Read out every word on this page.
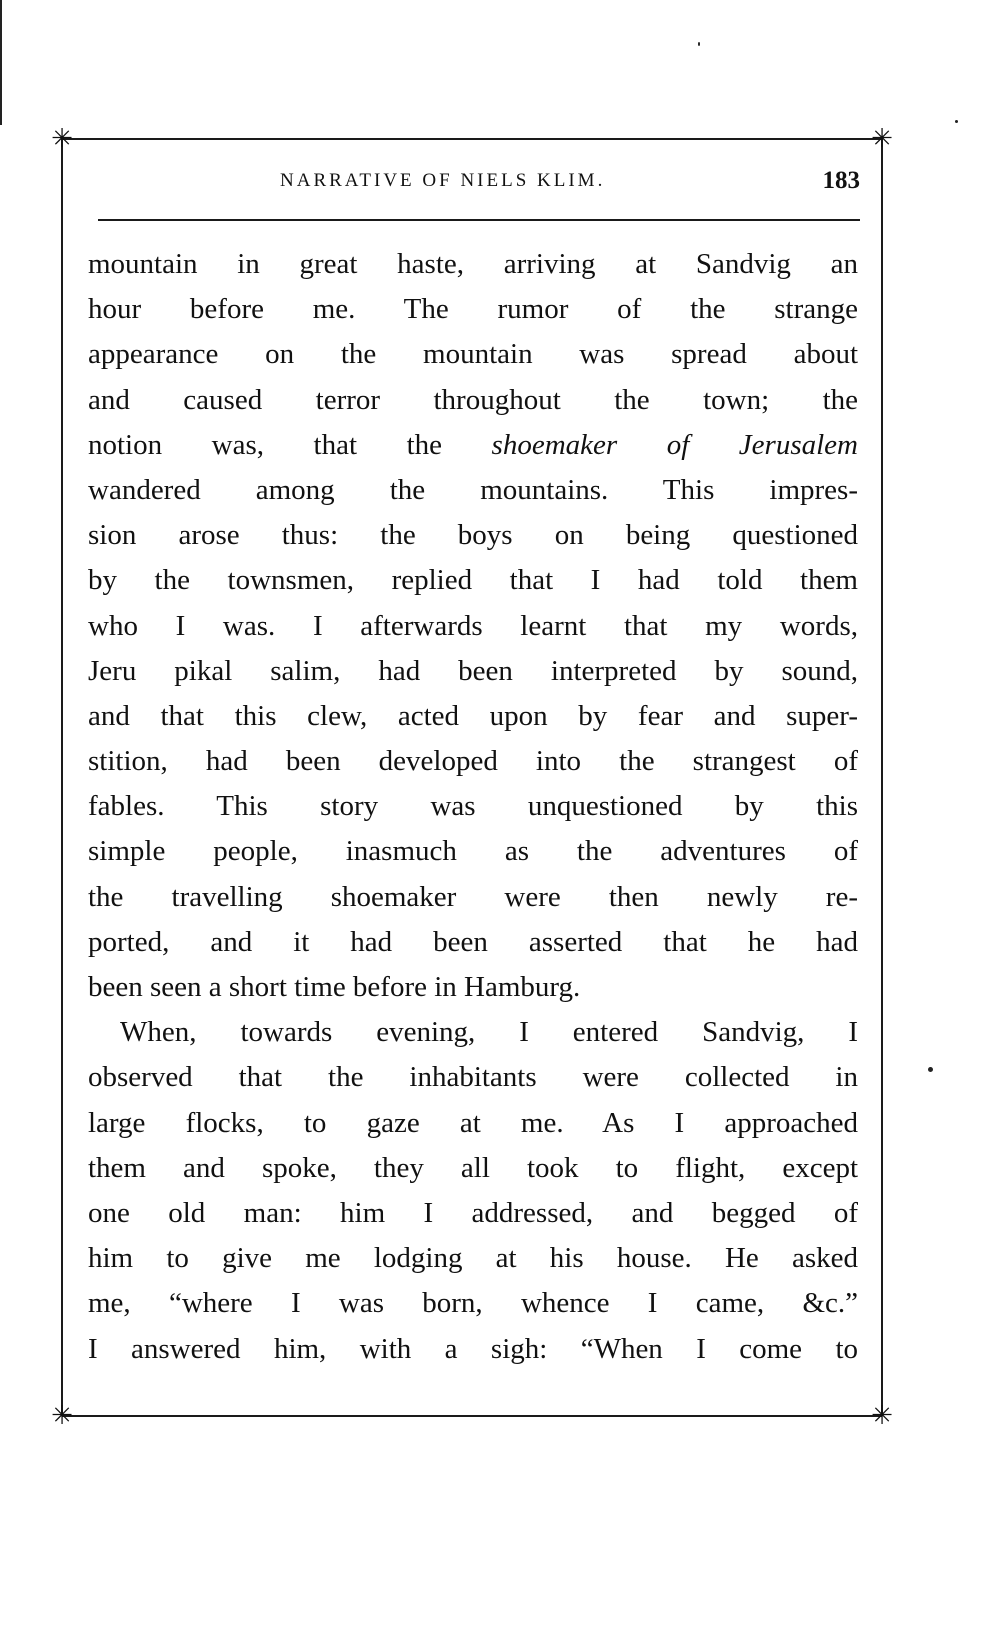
✳	✳
✳	✳
NARRATIVE OF NIELS KLIM.	183
mountain in great haste, arriving at Sandvig an
hour before me. The rumor of the strange
appearance on the mountain was spread about
and caused terror throughout the town; the
notion was, that the shoemaker of Jerusalem
wandered among the mountains. This impres-
sion arose thus: the boys on being questioned
by the townsmen, replied that I had told them
who I was. I afterwards learnt that my words,
Jeru pikal salim, had been interpreted by sound,
and that this clew, acted upon by fear and super-
stition, had been developed into the strangest of
fables. This story was unquestioned by this
simple people, inasmuch as the adventures of
the travelling shoemaker were then newly re-
ported, and it had been asserted that he had
been seen a short time before in Hamburg.
When, towards evening, I entered Sandvig, I
observed that the inhabitants were collected in
large flocks, to gaze at me. As I approached
them and spoke, they all took to flight, except
one old man: him I addressed, and begged of
him to give me lodging at his house. He asked
me, “where I was born, whence I came, &c.”
I answered him, with a sigh: “When I come to
